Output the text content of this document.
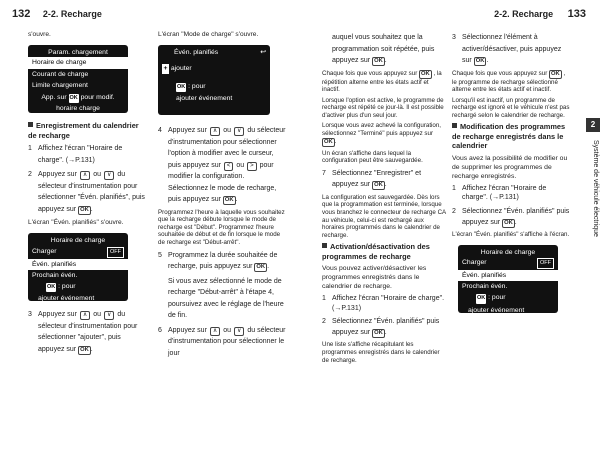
132 2-2. Recharge	2-2. Recharge 133
2
Système de véhicule électrique

s'ouvre.

Param. chargement
Horaire de charge
Courant de charge
Limite chargement
App. sur OK pour modif.
horaire charge
Enregistrement du calendrier de recharge
1 Affichez l'écran "Horaire de charge". (→P.131)
2 Appuyez sur ∧ ou ∨ du sélecteur d'instrumentation pour sélectionner "Évén. planifiés", puis appuyez sur OK .

L'écran "Évén. planifiés" s'ouvre.

Horaire de charge
Charger	OFF
Évén. planifiés
Prochain évén.
OK : pour
ajouter événement
3 Appuyez sur ∧ ou ∨ du sélecteur d'instrumentation pour sélectionner "ajouter", puis appuyez sur OK .

L'écran "Mode de charge" s'ouvre.

Évén. planifiés	↩
+ ajouter
OK : pour
ajouter événement
4 Appuyez sur ∧ ou ∨ du sélecteur d'instrumentation pour sélectionner l'option à modifier avec le curseur, puis appuyez sur < ou > pour modifier la configuration. Sélectionnez le mode de recharge, puis appuyez sur OK .
Programmez l'heure à laquelle vous souhaitez que la recharge débute lorsque le mode de recharge est "Début". Programmez l'heure souhaitée de début et de fin lorsque le mode de recharge est "Début-arrêt".
5 Programmez la durée souhaitée de recharge, puis appuyez sur OK .
Si vous avez sélectionné le mode de recharge "Début-arrêt" à l'étape 4, poursuivez avec le réglage de l'heure de fin.
6 Appuyez sur ∧ ou ∨ du sélecteur d'instrumentation pour sélectionner le jour
auquel vous souhaitez que la programmation soit répétée, puis appuyez sur OK .
Chaque fois que vous appuyez sur OK , la répétition alterne entre les états actif et inactif.
Lorsque l'option est active, le programme de recharge est répété ce jour-là. Il est possible d'activer plus d'un seul jour.
Lorsque vous avez achevé la configuration, sélectionnez "Terminé" puis appuyez sur OK .
Un écran s'affiche dans lequel la configuration peut être sauvegardée.
7 Sélectionnez "Enregistrer" et appuyez sur OK .
La configuration est sauvegardée. Dès lors que la programmation est terminée, lorsque vous branchez le connecteur de recharge CA au véhicule, celui-ci est rechargé aux horaires programmés dans le calendrier de recharge.
Activation/désactivation des programmes de recharge

Vous pouvez activer/désactiver les programmes enregistrés dans le calendrier de recharge.

1 Affichez l'écran "Horaire de charge". (→P.131)
2 Sélectionnez "Évén. planifiés" puis appuyez sur OK .
Une liste s'affiche récapitulant les programmes enregistrés dans le calendrier de recharge.
3 Sélectionnez l'élément à activer/désactiver, puis appuyez sur OK .
Chaque fois que vous appuyez sur OK , le programme de recharge sélectionné alterne entre les états actif et inactif.
Lorsqu'il est inactif, un programme de recharge est ignoré et le véhicule n'est pas rechargé selon le calendrier de recharge.
Modification des programmes de recharge enregistrés dans le calendrier

Vous avez la possibilité de modifier ou de supprimer les programmes de recharge enregistrés.

1 Affichez l'écran "Horaire de charge". (→P.131)
2 Sélectionnez "Évén. planifiés" puis appuyez sur OK .
L'écran "Évén. planifiés" s'affiche à l'écran.
Horaire de charge
Charger	OFF
Évén. planifiés
Prochain évén.
OK : pour
ajouter événement
